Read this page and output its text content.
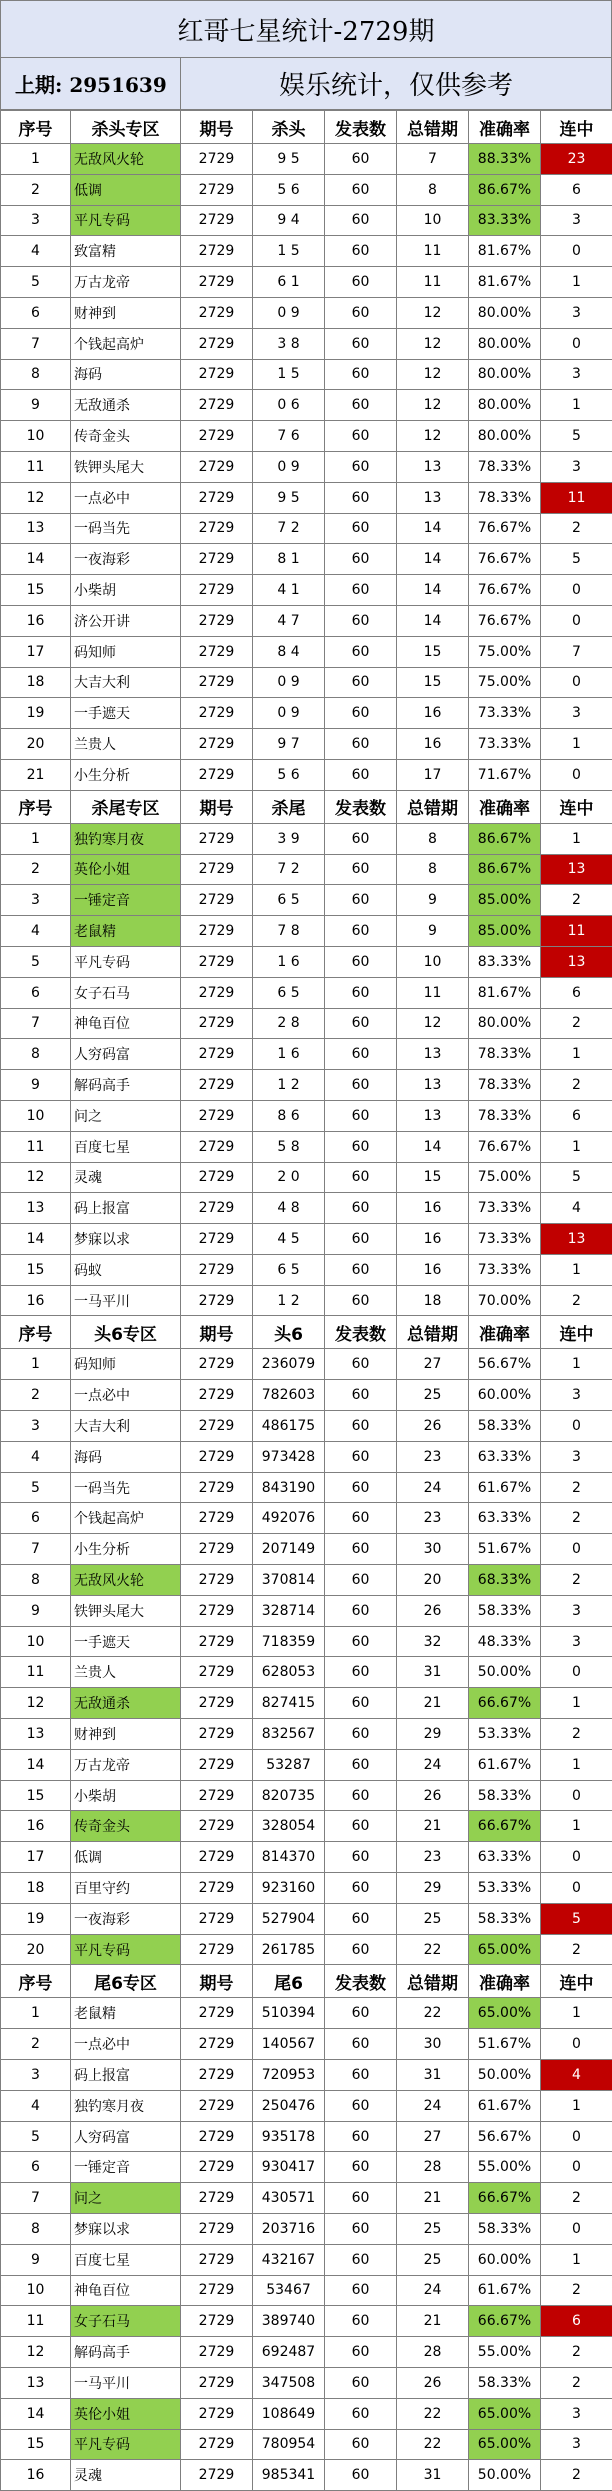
红哥七星统计-2729期
上期: 2951639	娱乐统计，仅供参考
序号	杀头专区	期号	杀头	发表数	总错期	准确率	连中
1	无敌风火轮	2729	9 5	60	7	88.33%	23
2	低调	2729	5 6	60	8	86.67%	6
3	平凡专码	2729	9 4	60	10	83.33%	3
4	致富精	2729	1 5	60	11	81.67%	0
5	万古龙帝	2729	6 1	60	11	81.67%	1
6	财神到	2729	0 9	60	12	80.00%	3
7	个钱起高炉	2729	3 8	60	12	80.00%	0
8	海码	2729	1 5	60	12	80.00%	3
9	无敌通杀	2729	0 6	60	12	80.00%	1
10	传奇金头	2729	7 6	60	12	80.00%	5
11	铁钾头尾大	2729	0 9	60	13	78.33%	3
12	一点必中	2729	9 5	60	13	78.33%	11
13	一码当先	2729	7 2	60	14	76.67%	2
14	一夜海彩	2729	8 1	60	14	76.67%	5
15	小柴胡	2729	4 1	60	14	76.67%	0
16	济公开讲	2729	4 7	60	14	76.67%	0
17	码知师	2729	8 4	60	15	75.00%	7
18	大吉大利	2729	0 9	60	15	75.00%	0
19	一手遮天	2729	0 9	60	16	73.33%	3
20	兰贵人	2729	9 7	60	16	73.33%	1
21	小生分析	2729	5 6	60	17	71.67%	0
序号	杀尾专区	期号	杀尾	发表数	总错期	准确率	连中
1	独钓寒月夜	2729	3 9	60	8	86.67%	1
2	英伦小姐	2729	7 2	60	8	86.67%	13
3	一锤定音	2729	6 5	60	9	85.00%	2
4	老鼠精	2729	7 8	60	9	85.00%	11
5	平凡专码	2729	1 6	60	10	83.33%	13
6	女子石马	2729	6 5	60	11	81.67%	6
7	神龟百位	2729	2 8	60	12	80.00%	2
8	人穷码富	2729	1 6	60	13	78.33%	1
9	解码高手	2729	1 2	60	13	78.33%	2
10	问之	2729	8 6	60	13	78.33%	6
11	百度七星	2729	5 8	60	14	76.67%	1
12	灵魂	2729	2 0	60	15	75.00%	5
13	码上报富	2729	4 8	60	16	73.33%	4
14	梦寐以求	2729	4 5	60	16	73.33%	13
15	码蚁	2729	6 5	60	16	73.33%	1
16	一马平川	2729	1 2	60	18	70.00%	2
序号	头6专区	期号	头6	发表数	总错期	准确率	连中
1	码知师	2729	236079	60	27	56.67%	1
2	一点必中	2729	782603	60	25	60.00%	3
3	大吉大利	2729	486175	60	26	58.33%	0
4	海码	2729	973428	60	23	63.33%	3
5	一码当先	2729	843190	60	24	61.67%	2
6	个钱起高炉	2729	492076	60	23	63.33%	2
7	小生分析	2729	207149	60	30	51.67%	0
8	无敌风火轮	2729	370814	60	20	68.33%	2
9	铁钾头尾大	2729	328714	60	26	58.33%	3
10	一手遮天	2729	718359	60	32	48.33%	3
11	兰贵人	2729	628053	60	31	50.00%	0
12	无敌通杀	2729	827415	60	21	66.67%	1
13	财神到	2729	832567	60	29	53.33%	2
14	万古龙帝	2729	53287	60	24	61.67%	1
15	小柴胡	2729	820735	60	26	58.33%	0
16	传奇金头	2729	328054	60	21	66.67%	1
17	低调	2729	814370	60	23	63.33%	0
18	百里守约	2729	923160	60	29	53.33%	0
19	一夜海彩	2729	527904	60	25	58.33%	5
20	平凡专码	2729	261785	60	22	65.00%	2
序号	尾6专区	期号	尾6	发表数	总错期	准确率	连中
1	老鼠精	2729	510394	60	22	65.00%	1
2	一点必中	2729	140567	60	30	51.67%	0
3	码上报富	2729	720953	60	31	50.00%	4
4	独钓寒月夜	2729	250476	60	24	61.67%	1
5	人穷码富	2729	935178	60	27	56.67%	0
6	一锤定音	2729	930417	60	28	55.00%	0
7	问之	2729	430571	60	21	66.67%	2
8	梦寐以求	2729	203716	60	25	58.33%	0
9	百度七星	2729	432167	60	25	60.00%	1
10	神龟百位	2729	53467	60	24	61.67%	2
11	女子石马	2729	389740	60	21	66.67%	6
12	解码高手	2729	692487	60	28	55.00%	2
13	一马平川	2729	347508	60	26	58.33%	2
14	英伦小姐	2729	108649	60	22	65.00%	3
15	平凡专码	2729	780954	60	22	65.00%	3
16	灵魂	2729	985341	60	31	50.00%	2
